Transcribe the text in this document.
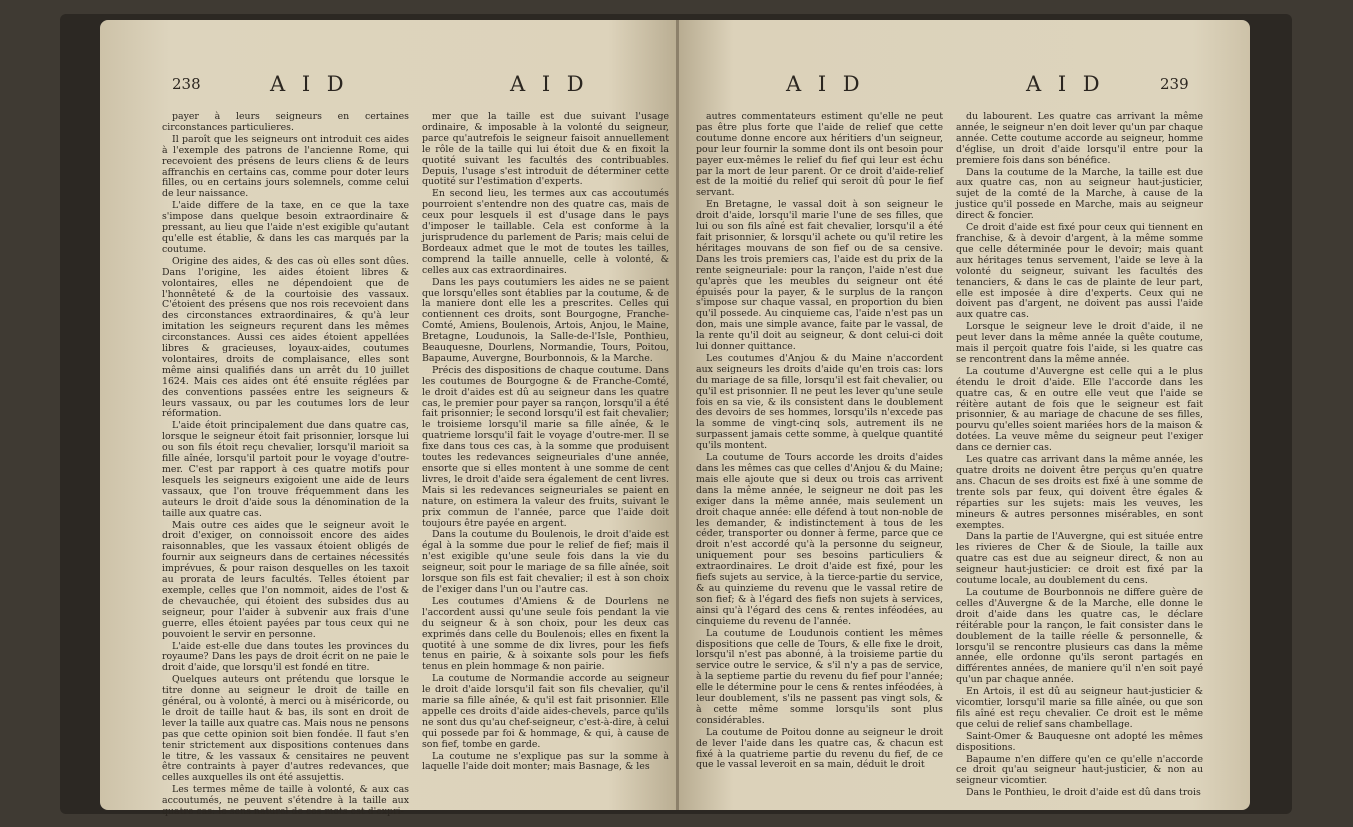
238	A I D	A I D

payer à leurs seigneurs en certaines circonstances particulieres.

Il paroît que les seigneurs ont introduit ces aides à l'exemple des patrons de l'ancienne Rome, qui recevoient des présens de leurs cliens & de leurs affranchis en certains cas, comme pour doter leurs filles, ou en certains jours solemnels, comme celui de leur naissance.

L'aide differe de la taxe, en ce que la taxe s'impose dans quelque besoin extraordinaire & pressant, au lieu que l'aide n'est exigible qu'autant qu'elle est établie, & dans les cas marqués par la coutume.

Origine des aides, & des cas où elles sont dûes. Dans l'origine, les aides étoient libres & volontaires, elles ne dépendoient que de l'honnêteté & de la courtoisie des vassaux. C'étoient des présens que nos rois recevoient dans des circonstances extraordinaires, & qu'à leur imitation les seigneurs reçurent dans les mêmes circonstances. Aussi ces aides étoient appellées libres & gracieuses, loyaux-aides, coutumes volontaires, droits de complaisance, elles sont même ainsi qualifiés dans un arrêt du 10 juillet 1624. Mais ces aides ont été ensuite réglées par des conventions passées entre les seigneurs & leurs vassaux, ou par les coutumes lors de leur réformation.

L'aide étoit principalement due dans quatre cas, lorsque le seigneur étoit fait prisonnier, lorsque lui ou son fils étoit reçu chevalier, lorsqu'il marioit sa fille aînée, lorsqu'il partoit pour le voyage d'outre-mer. C'est par rapport à ces quatre motifs pour lesquels les seigneurs exigoient une aide de leurs vassaux, que l'on trouve fréquemment dans les auteurs le droit d'aide sous la dénomination de la taille aux quatre cas.

Mais outre ces aides que le seigneur avoit le droit d'exiger, on connoissoit encore des aides raisonnables, que les vassaux étoient obligés de fournir aux seigneurs dans de certaines nécessités imprévues, & pour raison desquelles on les taxoit au prorata de leurs facultés. Telles étoient par exemple, celles que l'on nommoit, aides de l'ost & de chevauchée, qui étoient des subsides dus au seigneur, pour l'aider à subvenir aux frais d'une guerre, elles étoient payées par tous ceux qui ne pouvoient le servir en personne.

L'aide est-elle due dans toutes les provinces du royaume? Dans les pays de droit écrit on ne paie le droit d'aide, que lorsqu'il est fondé en titre.

Quelques auteurs ont prétendu que lorsque le titre donne au seigneur le droit de taille en général, ou à volonté, à merci ou à miséricorde, ou le droit de taille haut & bas, ils sont en droit de lever la taille aux quatre cas. Mais nous ne pensons pas que cette opinion soit bien fondée. Il faut s'en tenir strictement aux dispositions contenues dans le titre, & les vassaux & censitaires ne peuvent être contraints à payer d'autres redevances, que celles auxquelles ils ont été assujettis.

Les termes même de taille à volonté, & aux cas accoutumés, ne peuvent s'étendre à la taille aux quatre cas: le sens naturel de ces mots est d'expri-

mer que la taille est due suivant l'usage ordinaire, & imposable à la volonté du seigneur, parce qu'autrefois le seigneur faisoit annuellement le rôle de la taille qui lui étoit due & en fixoit la quotité suivant les facultés des contribuables. Depuis, l'usage s'est introduit de déterminer cette quotité sur l'estimation d'experts.

En second lieu, les termes aux cas accoutumés pourroient s'entendre non des quatre cas, mais de ceux pour lesquels il est d'usage dans le pays d'imposer le taillable. Cela est conforme à la jurisprudence du parlement de Paris; mais celui de Bordeaux admet que le mot de toutes les tailles, comprend la taille annuelle, celle à volonté, & celles aux cas extraordinaires.

Dans les pays coutumiers les aides ne se paient que lorsqu'elles sont établies par la coutume, & de la maniere dont elle les a prescrites. Celles qui contiennent ces droits, sont Bourgogne, Franche-Comté, Amiens, Boulenois, Artois, Anjou, le Maine, Bretagne, Loudunois, la Salle-de-l'Isle, Ponthieu, Beauquesne, Dourlens, Normandie, Tours, Poitou, Bapaume, Auvergne, Bourbonnois, & la Marche.

Précis des dispositions de chaque coutume. Dans les coutumes de Bourgogne & de Franche-Comté, le droit d'aides est dû au seigneur dans les quatre cas, le premier pour payer sa rançon, lorsqu'il a été fait prisonnier; le second lorsqu'il est fait chevalier; le troisieme lorsqu'il marie sa fille aînée, & le quatrieme lorsqu'il fait le voyage d'outre-mer. Il se fixe dans tous ces cas, à la somme que produisent toutes les redevances seigneuriales d'une année, ensorte que si elles montent à une somme de cent livres, le droit d'aide sera également de cent livres. Mais si les redevances seigneuriales se paient en nature, on estimera la valeur des fruits, suivant le prix commun de l'année, parce que l'aide doit toujours être payée en argent.

Dans la coutume du Boulenois, le droit d'aide est égal à la somme due pour le relief de fief; mais il n'est exigible qu'une seule fois dans la vie du seigneur, soit pour le mariage de sa fille aînée, soit lorsque son fils est fait chevalier; il est à son choix de l'exiger dans l'un ou l'autre cas.

Les coutumes d'Amiens & de Dourlens ne l'accordent aussi qu'une seule fois pendant la vie du seigneur & à son choix, pour les deux cas exprimés dans celle du Boulenois; elles en fixent la quotité à une somme de dix livres, pour les fiefs tenus en pairie, & à soixante sols pour les fiefs tenus en plein hommage & non pairie.

La coutume de Normandie accorde au seigneur le droit d'aide lorsqu'il fait son fils chevalier, qu'il marie sa fille aînée, & qu'il est fait prisonnier. Elle appelle ces droits d'aide aides-chevels, parce qu'ils ne sont dus qu'au chef-seigneur, c'est-à-dire, à celui qui possede par foi & hommage, & qui, à cause de son fief, tombe en garde.

La coutume ne s'explique pas sur la somme à laquelle l'aide doit monter; mais Basnage, & les

A I D	A I D	239

autres commentateurs estiment qu'elle ne peut pas être plus forte que l'aide de relief que cette coutume donne encore aux héritiers d'un seigneur, pour leur fournir la somme dont ils ont besoin pour payer eux-mêmes le relief du fief qui leur est échu par la mort de leur parent. Or ce droit d'aide-relief est de la moitié du relief qui seroit dû pour le fief servant.

En Bretagne, le vassal doit à son seigneur le droit d'aide, lorsqu'il marie l'une de ses filles, que lui ou son fils aîné est fait chevalier, lorsqu'il a été fait prisonnier, & lorsqu'il achete ou qu'il retire les héritages mouvans de son fief ou de sa censive. Dans les trois premiers cas, l'aide est du prix de la rente seigneuriale: pour la rançon, l'aide n'est due qu'après que les meubles du seigneur ont été épuisés pour la payer, & le surplus de la rançon s'impose sur chaque vassal, en proportion du bien qu'il possede. Au cinquieme cas, l'aide n'est pas un don, mais une simple avance, faite par le vassal, de la rente qu'il doit au seigneur, & dont celui-ci doit lui donner quittance.

Les coutumes d'Anjou & du Maine n'accordent aux seigneurs les droits d'aide qu'en trois cas: lors du mariage de sa fille, lorsqu'il est fait chevalier, ou qu'il est prisonnier. Il ne peut les lever qu'une seule fois en sa vie, & ils consistent dans le doublement des devoirs de ses hommes, lorsqu'ils n'excede pas la somme de vingt-cinq sols, autrement ils ne surpassent jamais cette somme, à quelque quantité qu'ils montent.

La coutume de Tours accorde les droits d'aides dans les mêmes cas que celles d'Anjou & du Maine; mais elle ajoute que si deux ou trois cas arrivent dans la même année, le seigneur ne doit pas les exiger dans la même année, mais seulement un droit chaque année: elle défend à tout non-noble de les demander, & indistinctement à tous de les céder, transporter ou donner à ferme, parce que ce droit n'est accordé qu'à la personne du seigneur, uniquement pour ses besoins particuliers & extraordinaires. Le droit d'aide est fixé, pour les fiefs sujets au service, à la tierce-partie du service, & au quinzieme du revenu que le vassal retire de son fief; & à l'égard des fiefs non sujets à services, ainsi qu'à l'égard des cens & rentes inféodées, au cinquieme du revenu de l'année.

La coutume de Loudunois contient les mêmes dispositions que celle de Tours, & elle fixe le droit, lorsqu'il n'est pas abonné, à la troisieme partie du service outre le service, & s'il n'y a pas de service, à la septieme partie du revenu du fief pour l'année; elle le détermine pour le cens & rentes inféodées, à leur doublement, s'ils ne passent pas vingt sols, & à cette même somme lorsqu'ils sont plus considérables.

La coutume de Poitou donne au seigneur le droit de lever l'aide dans les quatre cas, & chacun est fixé à la quatrieme partie du revenu du fief, de ce que le vassal leveroit en sa main, déduit le droit

du labourent. Les quatre cas arrivant la même année, le seigneur n'en doit lever qu'un par chaque année. Cette coutume accorde au seigneur, homme d'église, un droit d'aide lorsqu'il entre pour la premiere fois dans son bénéfice.

Dans la coutume de la Marche, la taille est due aux quatre cas, non au seigneur haut-justicier, sujet de la comté de la Marche, à cause de la justice qu'il possede en Marche, mais au seigneur direct & foncier.

Ce droit d'aide est fixé pour ceux qui tiennent en franchise, & à devoir d'argent, à la même somme que celle déterminée pour le devoir; mais quant aux héritages tenus servement, l'aide se leve à la volonté du seigneur, suivant les facultés des tenanciers, & dans le cas de plainte de leur part, elle est imposée à dire d'experts. Ceux qui ne doivent pas d'argent, ne doivent pas aussi l'aide aux quatre cas.

Lorsque le seigneur leve le droit d'aide, il ne peut lever dans la même année la quête coutume, mais il perçoit quatre fois l'aide, si les quatre cas se rencontrent dans la même année.

La coutume d'Auvergne est celle qui a le plus étendu le droit d'aide. Elle l'accorde dans les quatre cas, & en outre elle veut que l'aide se réitère autant de fois que le seigneur est fait prisonnier, & au mariage de chacune de ses filles, pourvu qu'elles soient mariées hors de la maison & dotées. La veuve même du seigneur peut l'exiger dans ce dernier cas.

Les quatre cas arrivant dans la même année, les quatre droits ne doivent être perçus qu'en quatre ans. Chacun de ses droits est fixé à une somme de trente sols par feux, qui doivent être égales & réparties sur les sujets: mais les veuves, les mineurs & autres personnes misérables, en sont exemptes.

Dans la partie de l'Auvergne, qui est située entre les rivieres de Cher & de Sioule, la taille aux quatre cas est due au seigneur direct, & non au seigneur haut-justicier: ce droit est fixé par la coutume locale, au doublement du cens.

La coutume de Bourbonnois ne differe guère de celles d'Auvergne & de la Marche, elle donne le droit d'aide dans les quatre cas, le déclare réitérable pour la rançon, le fait consister dans le doublement de la taille réelle & personnelle, & lorsqu'il se rencontre plusieurs cas dans la même année, elle ordonne qu'ils seront partagés en différentes années, de maniere qu'il n'en soit payé qu'un par chaque année.

En Artois, il est dû au seigneur haut-justicier & vicomtier, lorsqu'il marie sa fille aînée, ou que son fils aîné est reçu chevalier. Ce droit est le même que celui de relief sans chambellage.

Saint-Omer & Bauquesne ont adopté les mêmes dispositions.

Bapaume n'en differe qu'en ce qu'elle n'accorde ce droit qu'au seigneur haut-justicier, & non au seigneur vicomtier.

Dans le Ponthieu, le droit d'aide est dû dans trois
